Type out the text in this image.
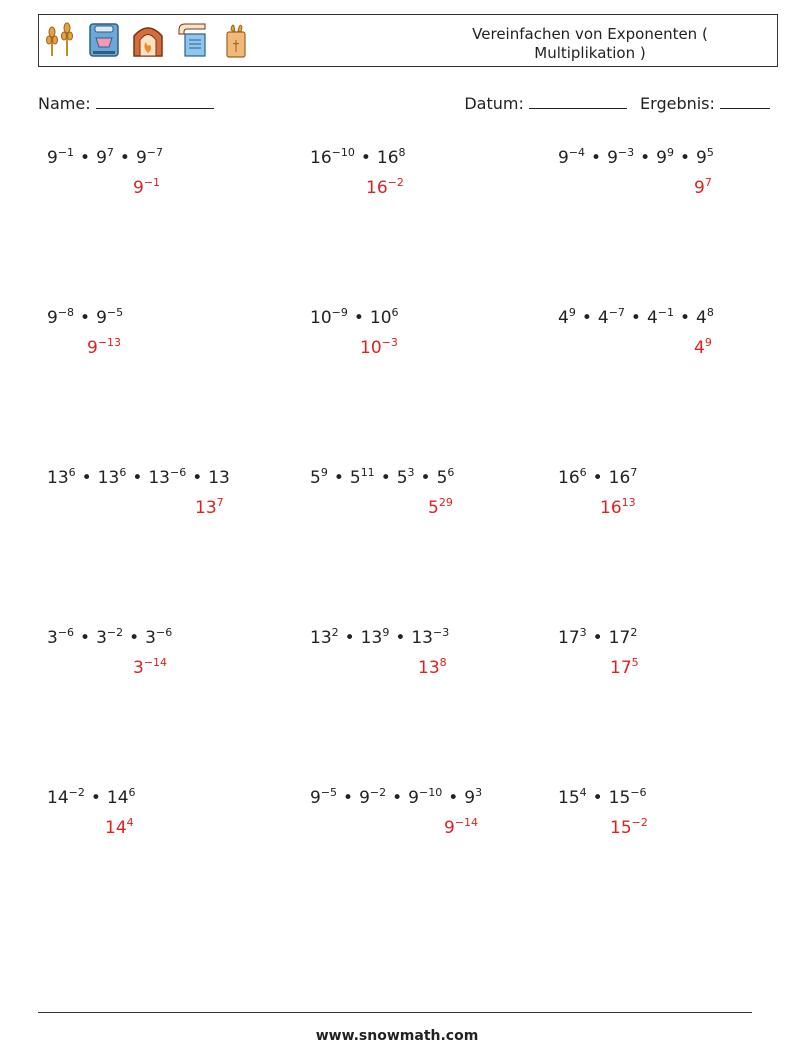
Vereinfachen von Exponenten ( Multiplikation )
Name:	Datum:	Ergebnis:
$9^{-1}$ • $9^7$ • $9^{-7}$
$9^{-1}$
$16^{-10}$ • $16^8$
$16^{-2}$
$9^{-4}$ • $9^{-3}$ • $9^9$ • $9^5$
$9^7$
$9^{-8}$ • $9^{-5}$
$9^{-13}$
$10^{-9}$ • $10^6$
$10^{-3}$
$4^9$ • $4^{-7}$ • $4^{-1}$ • $4^8$
$4^9$
$13^6$ • $13^6$ • $13^{-6}$ • 13
$13^7$
$5^9$ • $5^{11}$ • $5^3$ • $5^6$
$5^{29}$
$16^6$ • $16^7$
$16^{13}$
$3^{-6}$ • $3^{-2}$ • $3^{-6}$
$3^{-14}$
$13^2$ • $13^9$ • $13^{-3}$
$13^8$
$17^3$ • $17^2$
$17^5$
$14^{-2}$ • $14^6$
$14^4$
$9^{-5}$ • $9^{-2}$ • $9^{-10}$ • $9^3$
$9^{-14}$
$15^4$ • $15^{-6}$
$15^{-2}$
www.snowmath.com
